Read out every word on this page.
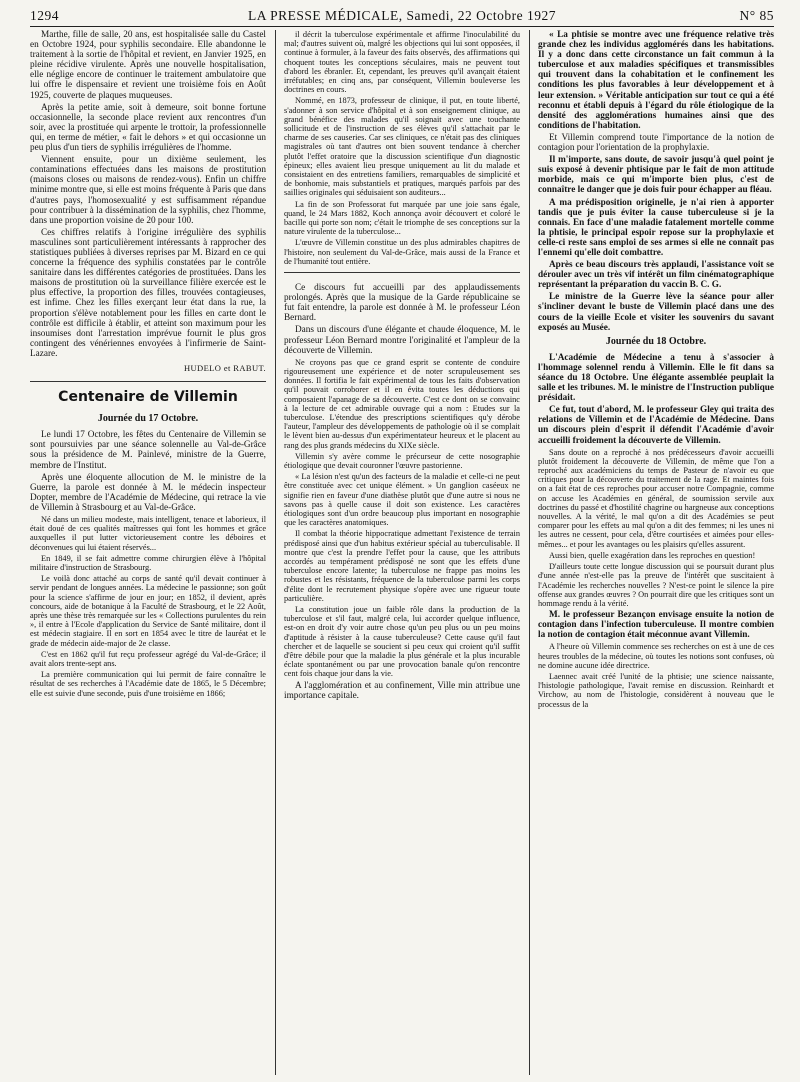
1294	LA PRESSE MÉDICALE, Samedi, 22 Octobre 1927	N° 85

Marthe, fille de salle, 20 ans, est hospitalisée salle du Castel en Octobre 1924, pour syphilis secondaire. Elle abandonne le traitement à la sortie de l'hôpital et revient, en Janvier 1925, en pleine récidive virulente. Après une nouvelle hospitalisation, elle néglige encore de continuer le traitement ambulatoire que lui offre le dispensaire et revient une troisième fois en Août 1925, couverte de plaques muqueuses.

Après la petite amie, soit à demeure, soit bonne fortune occasionnelle, la seconde place revient aux rencontres d'un soir, avec la prostituée qui arpente le trottoir, la professionnelle qui, en terme de métier, « fait le dehors » et qui occasionne un peu plus d'un tiers de syphilis irrégulières de l'homme.

Viennent ensuite, pour un dixième seulement, les contaminations effectuées dans les maisons de prostitution (maisons closes ou maisons de rendez-vous). Enfin un chiffre minime montre que, si elle est moins fréquente à Paris que dans d'autres pays, l'homosexualité y est suffisamment répandue pour contribuer à la dissémination de la syphilis, chez l'homme, dans une proportion voisine de 20 pour 100.

Ces chiffres relatifs à l'origine irrégulière des syphilis masculines sont particulièrement intéressants à rapprocher des statistiques publiées à diverses reprises par M. Bizard en ce qui concerne la fréquence des syphilis constatées par le contrôle sanitaire dans les différentes catégories de prostituées. Dans les maisons de prostitution où la surveillance filière exercée est le plus effective, la proportion des filles, trouvées contagieuses, est infime. Chez les filles exerçant leur état dans la rue, la proportion s'élève notablement pour les filles en carte dont le contrôle est difficile à établir, et atteint son maximum pour les insoumises dont l'arrestation imprévue fournit le plus gros contingent des vénériennes envoyées à l'infirmerie de Saint-Lazare.

HUDELO et RABUT.
Centenaire de Villemin
Journée du 17 Octobre.

Le lundi 17 Octobre, les fêtes du Centenaire de Villemin se sont poursuivies par une séance solennelle au Val-de-Grâce sous la présidence de M. Painlevé, ministre de la Guerre, membre de l'Institut.

Après une éloquente allocution de M. le ministre de la Guerre, la parole est donnée à M. le médecin inspecteur Dopter, membre de l'Académie de Médecine, qui retrace la vie de Villemin à Strasbourg et au Val-de-Grâce.

Né dans un milieu modeste, mais intelligent, tenace et laborieux, il était doué de ces qualités maîtresses qui font les hommes et grâce auxquelles il put lutter victorieusement contre les déboires et déconvenues qui lui étaient réservés...

En 1849, il se fait admettre comme chirurgien élève à l'hôpital militaire d'instruction de Strasbourg.

Le voilà donc attaché au corps de santé qu'il devait continuer à servir pendant de longues années. La médecine le passionne; son goût pour la science s'affirme de jour en jour; en 1852, il devient, après concours, aide de botanique à la Faculté de Strasbourg, et le 22 Août, après une thèse très remarquée sur les « Collections purulentes du rein », il entre à l'Ecole d'application du Service de Santé militaire, dont il est médecin stagiaire. Il en sort en 1854 avec le titre de lauréat et le grade de médecin aide-major de 2e classe.

C'est en 1862 qu'il fut reçu professeur agrégé du Val-de-Grâce; il avait alors trente-sept ans.

La première communication qui lui permit de faire connaître le résultat de ses recherches à l'Académie date de 1865, le 5 Décembre; elle est suivie d'une seconde, puis d'une troisième en 1866;

il décrit la tuberculose expérimentale et affirme l'inoculabilité du mal; d'autres suivent où, malgré les objections qui lui sont opposées, il continue à formuler, à la faveur des faits observés, des affirmations qui choquent toutes les conceptions séculaires, mais ne peuvent tout d'abord les ébranler. Et, cependant, les preuves qu'il avançait étaient irréfutables; en cinq ans, par conséquent, Villemin bouleverse les doctrines en cours.

Nommé, en 1873, professeur de clinique, il put, en toute liberté, s'adonner à son service d'hôpital et à son enseignement clinique, au grand bénéfice des malades qu'il soignait avec une touchante sollicitude et de l'instruction de ses élèves qu'il s'attachait par le charme de ses causeries. Car ses cliniques, ce n'était pas des cliniques magistrales où tant d'autres ont bien souvent tendance à chercher plutôt l'effet oratoire que la discussion scientifique d'un diagnostic épineux; elles avaient lieu presque uniquement au lit du malade et consistaient en des entretiens familiers, remarquables de simplicité et de bonhomie, mais substantiels et pratiques, marqués parfois par des saillies originales qui séduisaient son auditeurs...

La fin de son Professorat fut marquée par une joie sans égale, quand, le 24 Mars 1882, Koch annonça avoir découvert et coloré le bacille qui porte son nom; c'était le triomphe de ses conceptions sur la nature virulente de la tuberculose...

L'œuvre de Villemin constitue un des plus admirables chapitres de l'histoire, non seulement du Val-de-Grâce, mais aussi de la France et de l'humanité tout entière.

Ce discours fut accueilli par des applaudissements prolongés. Après que la musique de la Garde républicaine se fut fait entendre, la parole est donnée à M. le professeur Léon Bernard.

Dans un discours d'une élégante et chaude éloquence, M. le professeur Léon Bernard montre l'originalité et l'ampleur de la découverte de Villemin.

Ne croyons pas que ce grand esprit se contente de conduire rigoureusement une expérience et de noter scrupuleusement ses données. Il fortifia le fait expérimental de tous les faits d'observation qu'il pouvait corroborer et il en évita toutes les déductions qui composaient l'apanage de sa découverte. C'est ce dont on se convainc à la lecture de cet admirable ouvrage qui a nom : Etudes sur la tuberculose. L'étendue des prescriptions scientifiques qu'y dérobe l'auteur, l'ampleur des développements de pathologie où il se complait le lèvent bien au-dessus d'un expérimentateur heureux et le placent au rang des plus grands médecins du XIXe siècle.

Villemin s'y avère comme le précurseur de cette nosographie étiologique que devait couronner l'œuvre pastorienne.

« La lésion n'est qu'un des facteurs de la maladie et celle-ci ne peut être constituée avec cet unique élément. » Un ganglion caséeux ne signifie rien en faveur d'une diathèse plutôt que d'une autre si nous ne savons pas à quelle cause il doit son existence. Les caractères étiologiques sont d'un ordre beaucoup plus important en nosographie que les caractères anatomiques.

Il combat la théorie hippocratique admettant l'existence de terrain prédisposé ainsi que d'un habitus extérieur spécial au tuberculisable. Il montre que c'est la prendre l'effet pour la cause, que les attributs accordés au tempérament prédisposé ne sont que les effets d'une tuberculose encore latente; la tuberculose ne frappe pas moins les robustes et les résistants, fréquence de la tuberculose parmi les corps d'élite dont le recrutement physique s'opère avec une rigueur toute particulière.

La constitution joue un faible rôle dans la production de la tuberculose et s'il faut, malgré cela, lui accorder quelque influence, est-on en droit d'y voir autre chose qu'un peu plus ou un peu moins d'aptitude à résister à la cause tuberculeuse? Cette cause qu'il faut chercher et de laquelle se soucient si peu ceux qui croient qu'il suffit d'être débile pour que la maladie la plus générale et la plus incurable éclate spontanément ou par une provocation banale qu'on rencontre cent fois chaque jour dans la vie.

A l'agglomération et au confinement, Ville min attribue une importance capitale.

« La phtisie se montre avec une fréquence relative très grande chez les individus agglomérés dans les habitations. Il y a donc dans cette circonstance un fait commun à la tuberculose et aux maladies spécifiques et transmissibles qui trouvent dans la cohabitation et le confinement les conditions les plus favorables à leur développement et à leur extension. » Véritable anticipation sur tout ce qui a été reconnu et établi depuis à l'égard du rôle étiologique de la densité des agglomérations humaines ainsi que des conditions de l'habitation.

Et Villemin comprend toute l'importance de la notion de contagion pour l'orientation de la prophylaxie.

Il m'importe, sans doute, de savoir jusqu'à quel point je suis exposé à devenir phtisique par le fait de mon attitude morbide, mais ce qui m'importe bien plus, c'est de connaître le danger que je dois fuir pour échapper au fléau.

A ma prédisposition originelle, je n'ai rien à apporter tandis que je puis éviter la cause tuberculeuse si je la connais. En face d'une maladie fatalement mortelle comme la phtisie, le principal espoir repose sur la prophylaxie et celle-ci reste sans emploi de ses armes si elle ne connaît pas l'ennemi qu'elle doit combattre.

Après ce beau discours très applaudi, l'assistance voit se dérouler avec un très vif intérêt un film cinématographique représentant la préparation du vaccin B. C. G.

Le ministre de la Guerre lève la séance pour aller s'incliner devant le buste de Villemin placé dans une des cours de la vieille Ecole et visiter les souvenirs du savant exposés au Musée.

Journée du 18 Octobre.

L'Académie de Médecine a tenu à s'associer à l'hommage solennel rendu à Villemin. Elle le fit dans sa séance du 18 Octobre. Une élégante assemblée peuplait la salle et les tribunes. M. le ministre de l'Instruction publique présidait.

Ce fut, tout d'abord, M. le professeur Gley qui traita des relations de Villemin et de l'Académie de Médecine. Dans un discours plein d'esprit il défendit l'Académie d'avoir accueilli froidement la découverte de Villemin.

Sans doute on a reproché à nos prédécesseurs d'avoir accueilli plutôt froidement la découverte de Villemin, de même que l'on a reproché aux académiciens du temps de Pasteur de n'avoir eu que critiques pour la découverte du traitement de la rage. Et maintes fois on a fait état de ces reproches pour accuser notre Compagnie, comme on accuse les Académies en général, de soumission servile aux doctrines du passé et d'hostilité chagrine ou hargneuse aux conceptions nouvelles. A la vérité, le mal qu'on a dit des Académies se peut comparer pour les effets au mal qu'on a dit des femmes; ni les unes ni les autres ne cessent, pour cela, d'être courtisées et aimées pour elles-mêmes... et pour les avantages ou les plaisirs qu'elles assurent.

Aussi bien, quelle exagération dans les reproches en question!

D'ailleurs toute cette longue discussion qui se poursuit durant plus d'une année n'est-elle pas la preuve de l'intérêt que suscitaient à l'Académie les recherches nouvelles ? N'est-ce point le silence la pire offense aux grandes œuvres ? On pourrait dire que les critiques sont un hommage rendu à la vérité.

M. le professeur Bezançon envisage ensuite la notion de contagion dans l'infection tuberculeuse. Il montre combien la notion de contagion était méconnue avant Villemin.

A l'heure où Villemin commence ses recherches on est à une de ces heures troubles de la médecine, où toutes les notions sont confuses, où ne domine aucune idée directrice.

Laennec avait créé l'unité de la phtisie; une science naissante, l'histologie pathologique, l'avait remise en discussion. Reinhardt et Virchow, au nom de l'histologie, considèrent à nouveau que le processus de la
